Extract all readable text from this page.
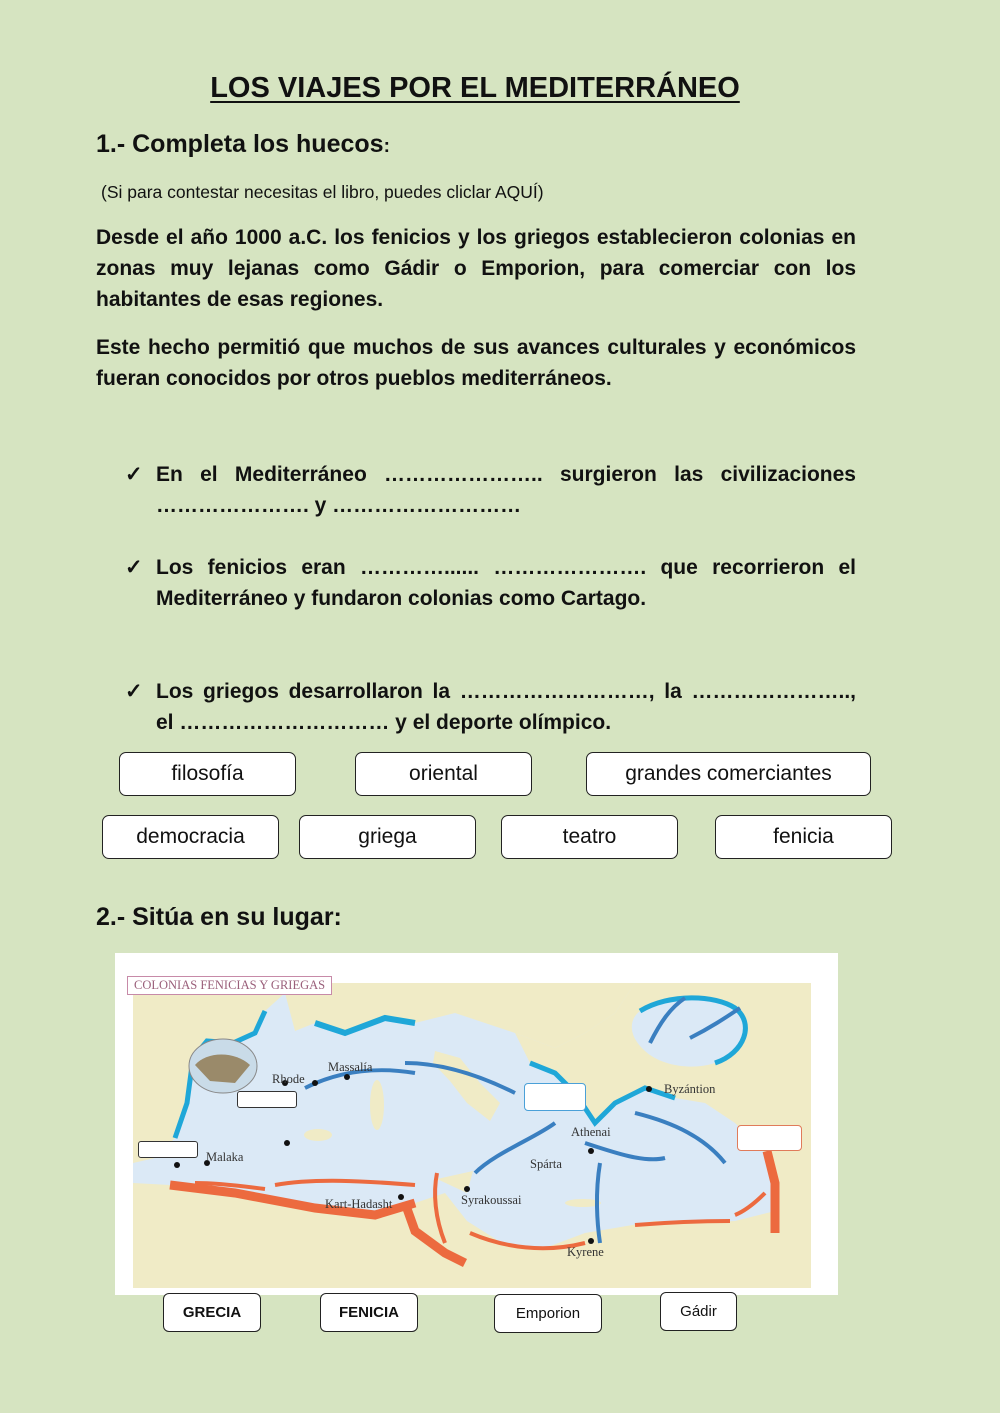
LOS VIAJES POR EL MEDITERRÁNEO
1.- Completa los huecos:
(Si para contestar necesitas el libro, puedes cliclar AQUÍ)
Desde el año 1000 a.C. los fenicios y los griegos establecieron colonias en zonas muy lejanas como Gádir o Emporion, para comerciar con los habitantes de esas regiones.
Este hecho permitió que muchos de sus avances culturales y económicos fueran conocidos por otros pueblos mediterráneos.
✓ En el Mediterráneo ………………….. surgieron las civilizaciones …………………. y ………………………
✓ Los fenicios eran …………...... …………………. que recorrieron el Mediterráneo y fundaron colonias como Cartago.
✓ Los griegos desarrollaron la ………………………, la ………………….., el ………………………… y el deporte olímpico.
filosofía	oriental	grandes comerciantes
democracia	griega	teatro	fenicia
2.- Sitúa en su lugar:
COLONIAS FENICIAS Y GRIEGAS
Massalía
Rhode
Malaka
Kart-Hadasht	Syrakoussai
Spárta
Athenai
Byzántion
Kyrene
GRECIA	FENICIA	Emporion	Gádir
